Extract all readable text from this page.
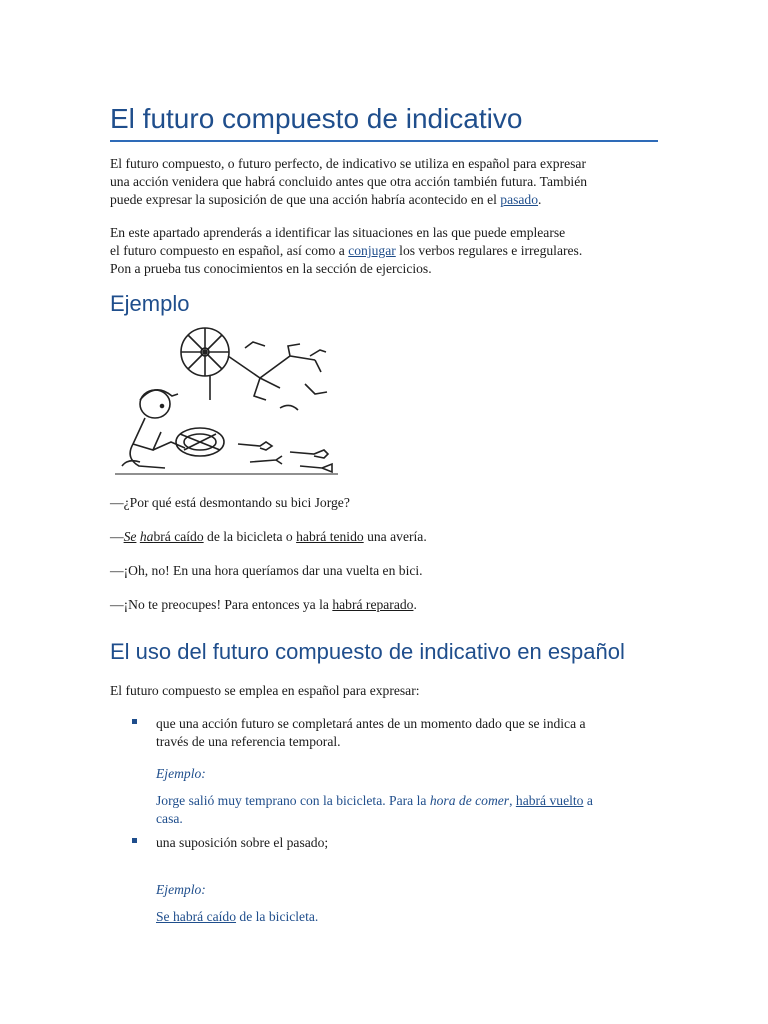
El futuro compuesto de indicativo

El futuro compuesto, o futuro perfecto, de indicativo se utiliza en español para expresar
una acción venidera que habrá concluido antes que otra acción también futura. También
puede expresar la suposición de que una acción habría acontecido en el pasado.

En este apartado aprenderás a identificar las situaciones en las que puede emplearse
el futuro compuesto en español, así como a conjugar los verbos regulares e irregulares.
Pon a prueba tus conocimientos en la sección de ejercicios.

Ejemplo

—¿Por qué está desmontando su bici Jorge?

—Se habrá caído de la bicicleta o habrá tenido una avería.

—¡Oh, no! En una hora queríamos dar una vuelta en bici.

—¡No te preocupes! Para entonces ya la habrá reparado.

El uso del futuro compuesto de indicativo en español

El futuro compuesto se emplea en español para expresar:

que una acción futuro se completará antes de un momento dado que se indica a
través de una referencia temporal.

Ejemplo:

Jorge salió muy temprano con la bicicleta. Para la hora de comer, habrá vuelto a
casa.

una suposición sobre el pasado;

Ejemplo:

Se habrá caído de la bicicleta.
